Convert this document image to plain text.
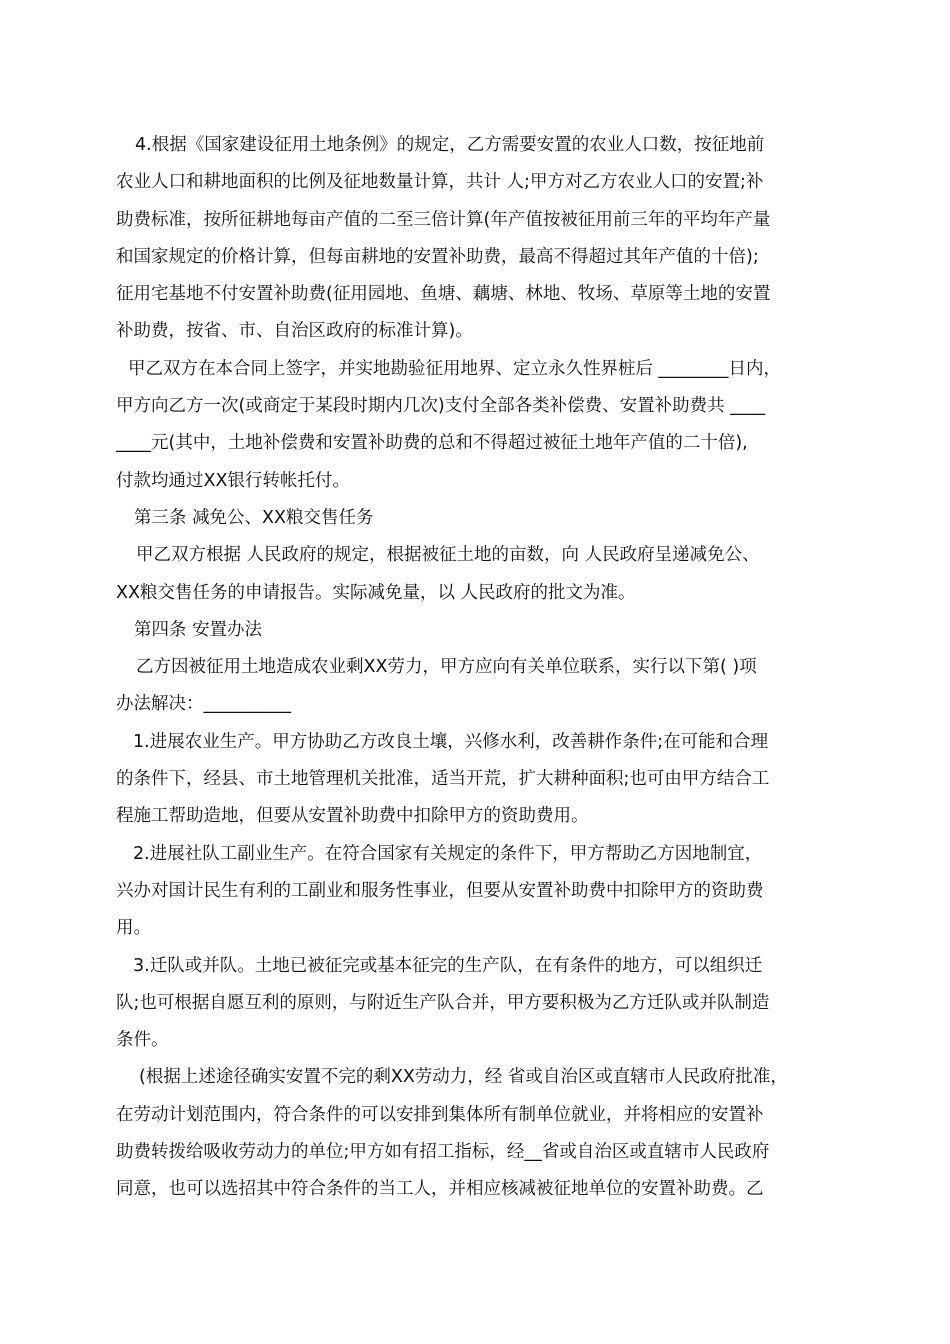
4.根据《国家建设征用土地条例》的规定，乙方需要安置的农业人口数，按征地前
农业人口和耕地面积的比例及征地数量计算，共计 人;甲方对乙方农业人口的安置;补
助费标准，按所征耕地每亩产值的二至三倍计算(年产值按被征用前三年的平均年产量
和国家规定的价格计算，但每亩耕地的安置补助费，最高不得超过其年产值的十倍);
征用宅基地不付安置补助费(征用园地、鱼塘、藕塘、林地、牧场、草原等土地的安置
补助费，按省、市、自治区政府的标准计算)。
甲乙双方在本合同上签字，并实地勘验征用地界、定立永久性界桩后 ________日内，
甲方向乙方一次(或商定于某段时期内几次)支付全部各类补偿费、安置补助费共 ____
____元(其中，土地补偿费和安置补助费的总和不得超过被征土地年产值的二十倍),
付款均通过XX银行转帐托付。
第三条 减免公、XX粮交售任务
甲乙双方根据 人民政府的规定，根据被征土地的亩数，向 人民政府呈递减免公、
XX粮交售任务的申请报告。实际减免量，以 人民政府的批文为准。
第四条 安置办法
乙方因被征用土地造成农业剩XX劳力，甲方应向有关单位联系，实行以下第( )项
办法解决：__________
1.进展农业生产。甲方协助乙方改良土壤，兴修水利，改善耕作条件;在可能和合理
的条件下，经县、市土地管理机关批准，适当开荒，扩大耕种面积;也可由甲方结合工
程施工帮助造地，但要从安置补助费中扣除甲方的资助费用。
2.进展社队工副业生产。在符合国家有关规定的条件下，甲方帮助乙方因地制宜，
兴办对国计民生有利的工副业和服务性事业，但要从安置补助费中扣除甲方的资助费
用。
3.迁队或并队。土地已被征完或基本征完的生产队，在有条件的地方，可以组织迁
队;也可根据自愿互利的原则，与附近生产队合并，甲方要积极为乙方迁队或并队制造
条件。
(根据上述途径确实安置不完的剩XX劳动力，经 省或自治区或直辖市人民政府批准，
在劳动计划范围内，符合条件的可以安排到集体所有制单位就业，并将相应的安置补
助费转拨给吸收劳动力的单位;甲方如有招工指标，经__省或自治区或直辖市人民政府
同意，也可以选招其中符合条件的当工人，并相应核减被征地单位的安置补助费。乙
